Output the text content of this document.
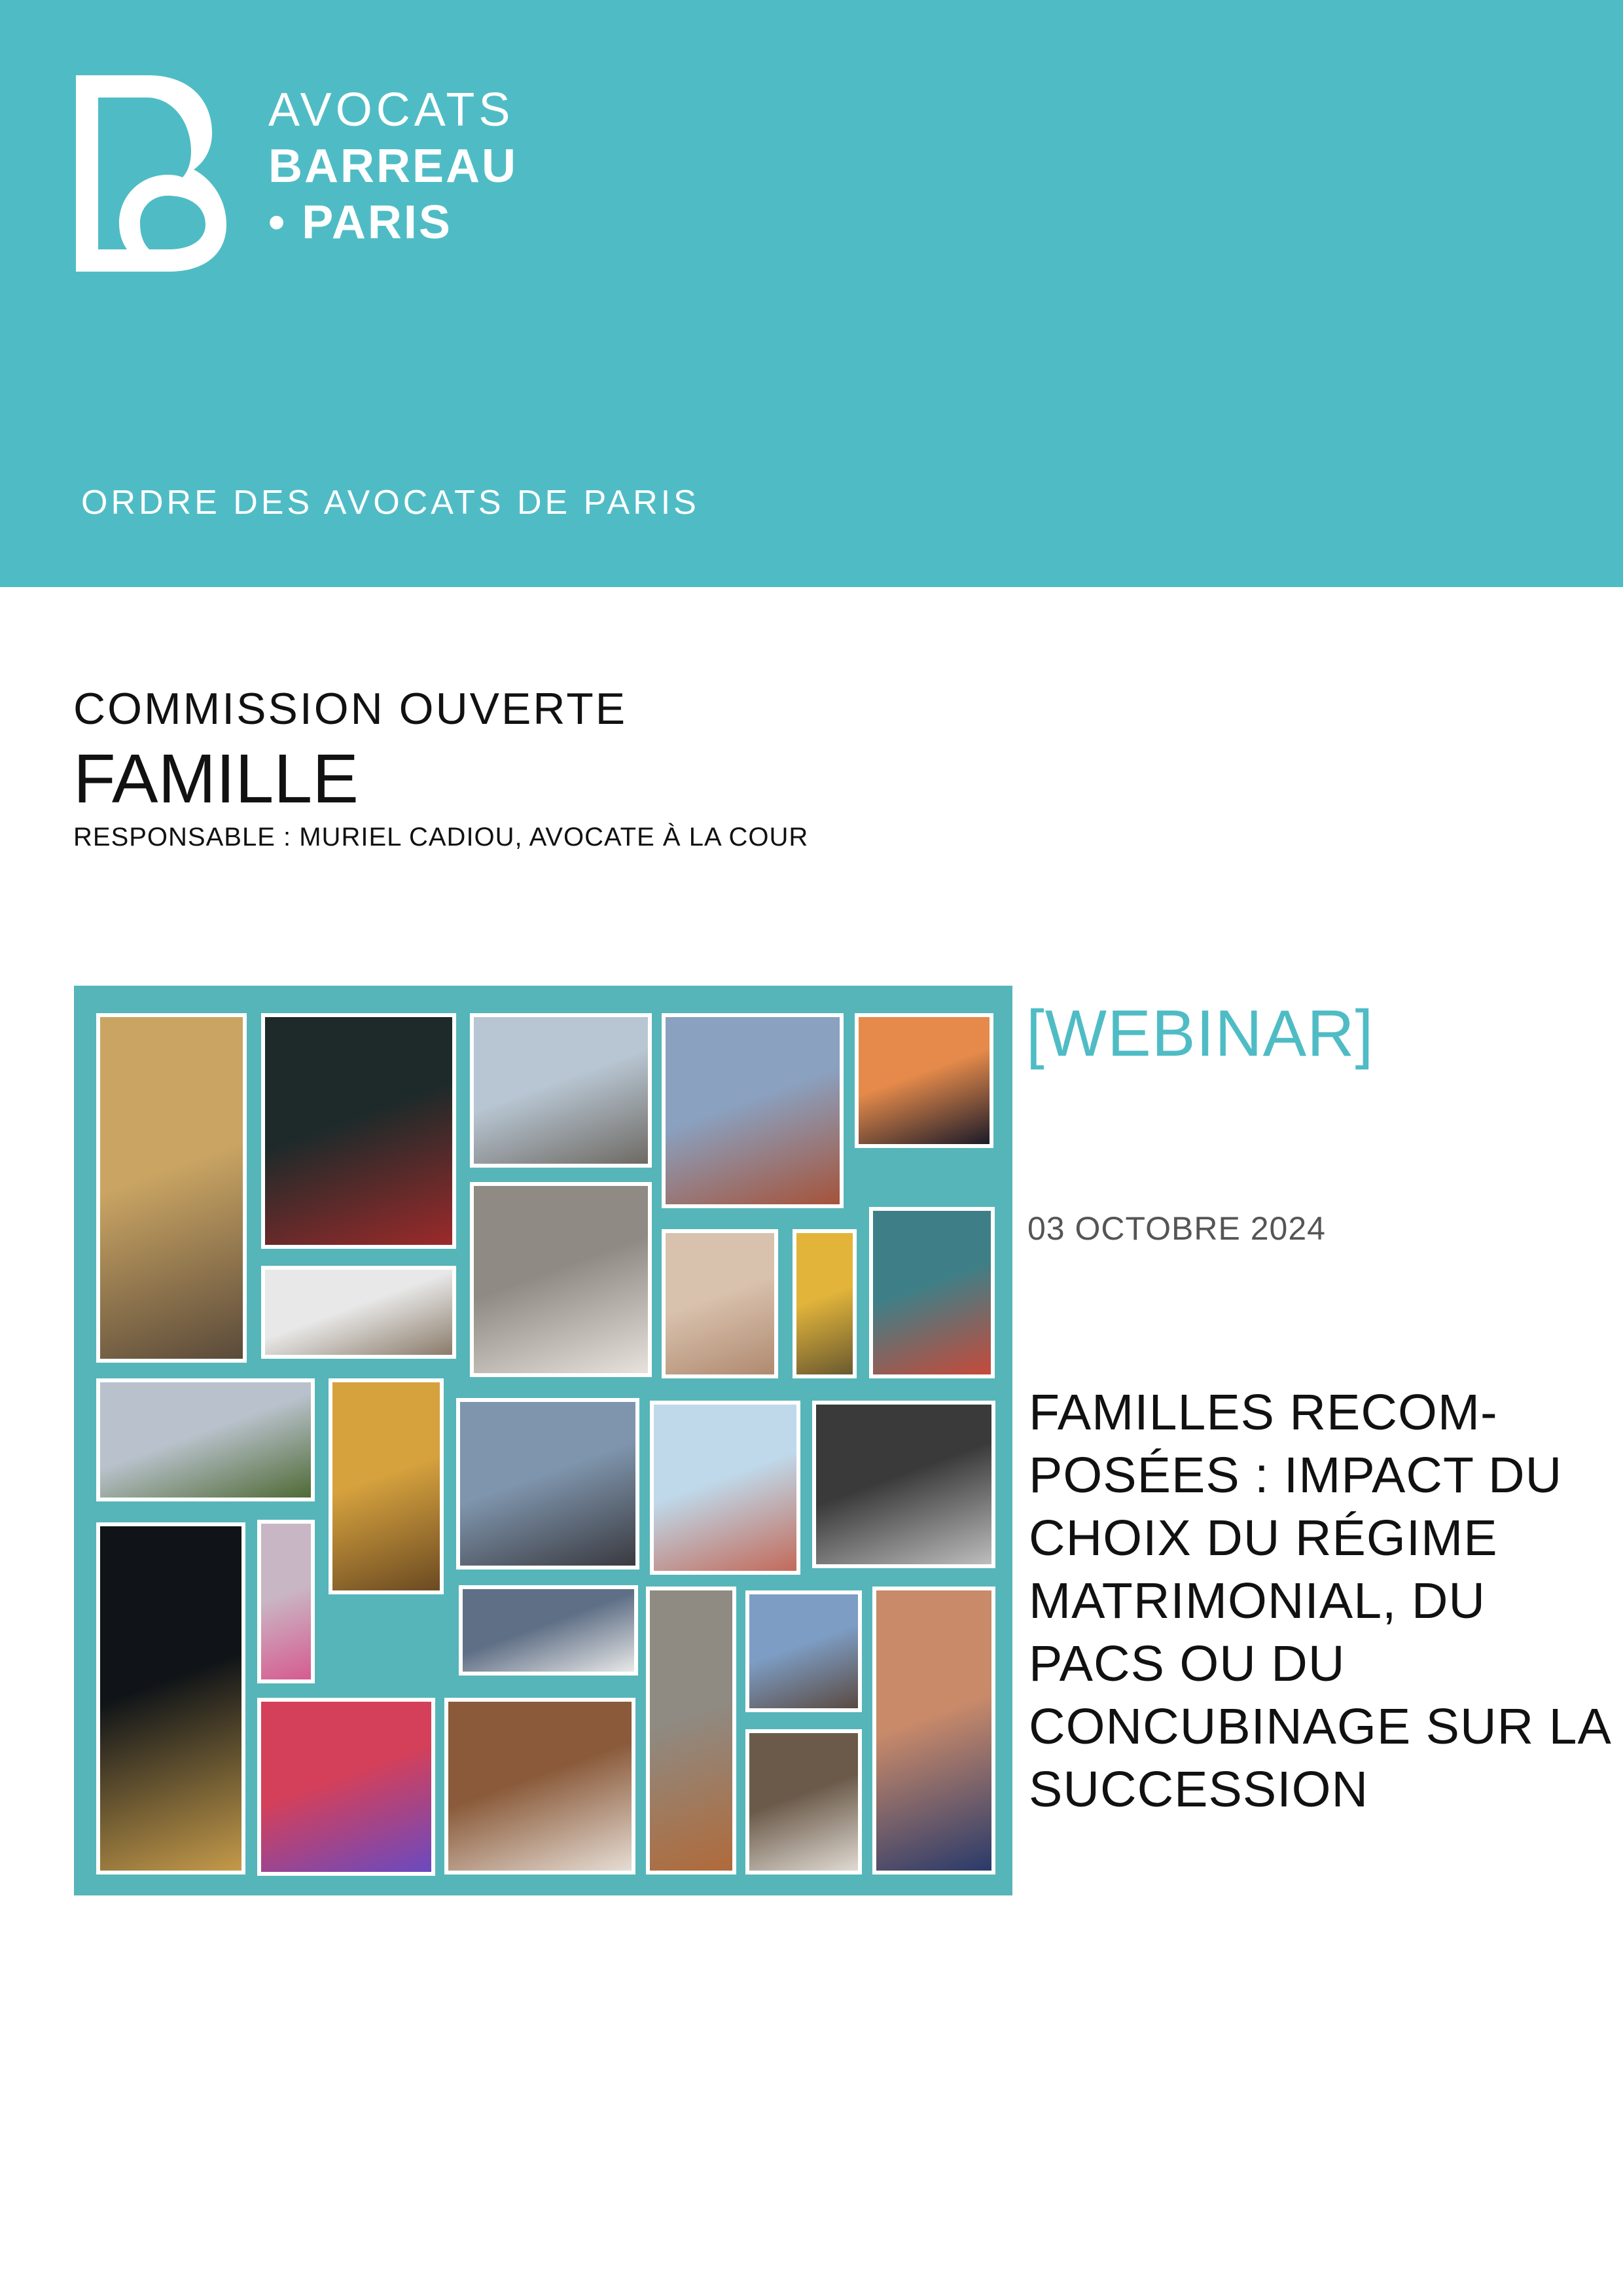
AVOCATS
BARREAU
• PARIS
ORDRE DES AVOCATS DE PARIS
COMMISSION OUVERTE
FAMILLE
RESPONSABLE : MURIEL CADIOU, AVOCATE À LA COUR
[WEBINAR]
03 OCTOBRE 2024
FAMILLES RECOM-
POSÉES : IMPACT DU
CHOIX DU RÉGIME
MATRIMONIAL, DU
PACS OU DU
CONCUBINAGE SUR LA
SUCCESSION
